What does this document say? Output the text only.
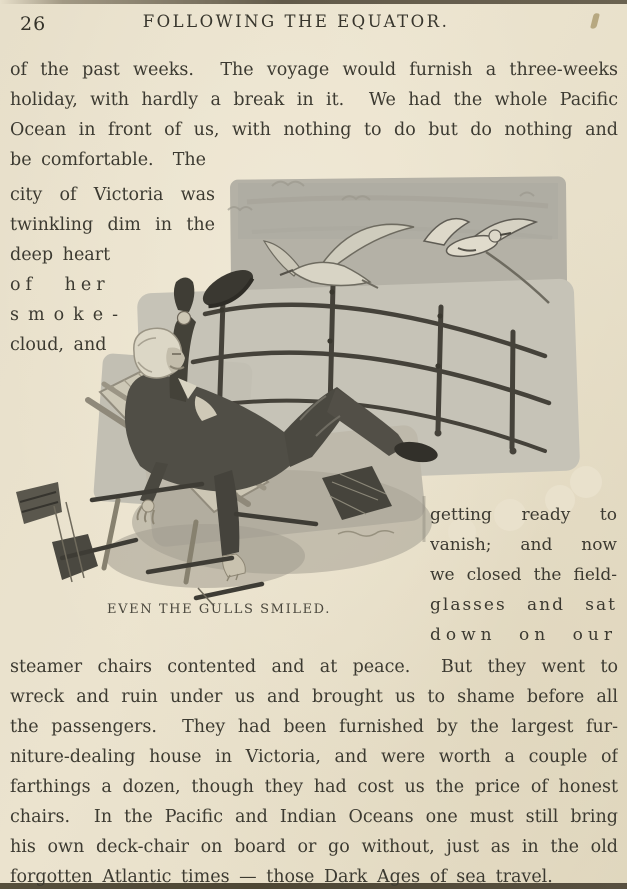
26	FOLLOWING THE EQUATOR.
of the past weeks.  The voyage would furnish a three-weeks
holiday, with hardly a break in it.  We had the whole Pacific
Ocean in front of us, with nothing to do but do nothing and
be comfortable.  The
city of Victoria was
twinkling dim in the
deep heart
of her
smoke-
cloud, and
getting ready to
vanish; and now
we closed the field-
glasses and sat
down on our
steamer chairs contented and at peace.  But they went to
wreck and ruin under us and brought us to shame before all
the passengers.  They had been furnished by the largest fur-
niture-dealing house in Victoria, and were worth a couple of
farthings a dozen, though they had cost us the price of honest
chairs.  In the Pacific and Indian Oceans one must still bring
his own deck-chair on board or go without, just as in the old
forgotten Atlantic times — those Dark Ages of sea travel.
EVEN THE GULLS SMILED.
